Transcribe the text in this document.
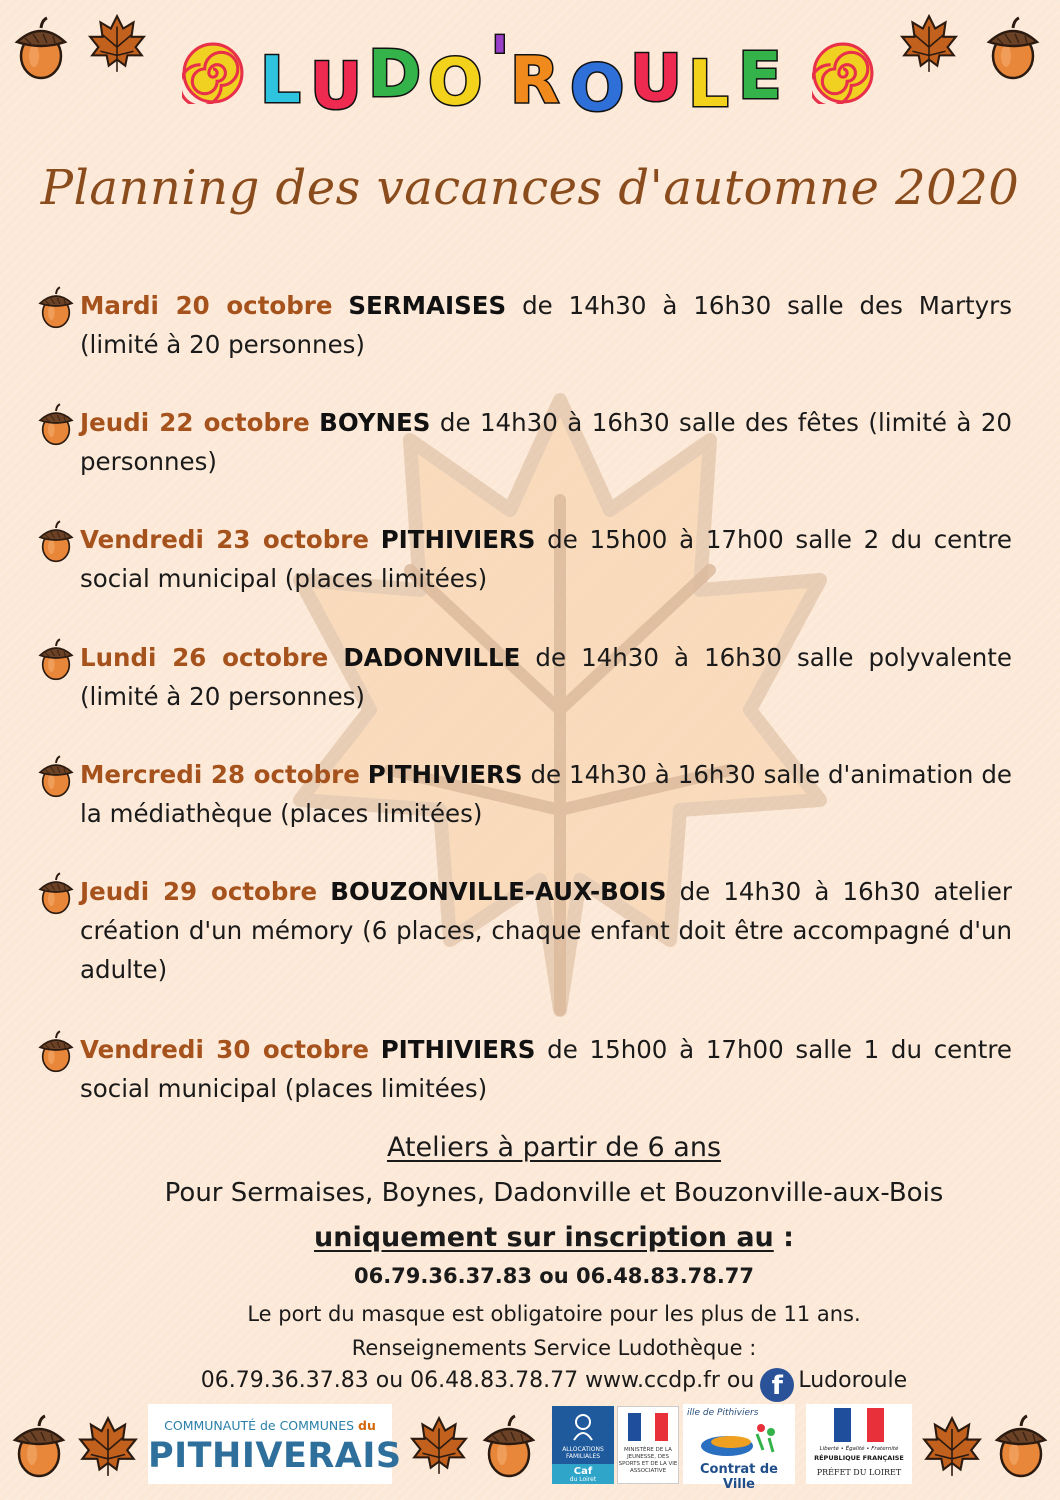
L U D O ' R O U L E
LUDO'ROULE
Planning des vacances d'automne 2020
Mardi 20 octobre SERMAISES de 14h30 à 16h30 salle des Martyrs (limité à 20 personnes)
Jeudi 22 octobre BOYNES de 14h30 à 16h30 salle des fêtes (limité à 20 personnes)
Vendredi 23 octobre PITHIVIERS de 15h00 à 17h00 salle 2 du centre social municipal (places limitées)
Lundi 26 octobre DADONVILLE de 14h30 à 16h30 salle polyvalente (limité à 20 personnes)
Mercredi 28 octobre PITHIVIERS de 14h30 à 16h30 salle d'animation de la médiathèque (places limitées)
Jeudi 29 octobre BOUZONVILLE-AUX-BOIS de 14h30 à 16h30 atelier création d'un mémory (6 places, chaque enfant doit être accompagné d'un adulte)
Vendredi 30 octobre PITHIVIERS de 15h00 à 17h00 salle 1 du centre social municipal (places limitées)
Ateliers à partir de 6 ans
Pour Sermaises, Boynes, Dadonville et Bouzonville-aux-Bois
uniquement sur inscription au :
06.79.36.37.83 ou 06.48.83.78.77
Le port du masque est obligatoire pour les plus de 11 ans.
Renseignements Service Ludothèque :
06.79.36.37.83 ou 06.48.83.78.77 www.ccdp.fr ou f Ludoroule
COMMUNAUTÉ de COMMUNES du
PITHIVERAIS	ALLOCATIONS FAMILIALES
Caf
du Loiret
MINISTÈRE DE LA JEUNESSE, DES SPORTS ET DE LA VIE ASSOCIATIVE
ille de Pithiviers
Contrat de Ville
Liberté • Égalité • Fraternité
RÉPUBLIQUE FRANÇAISE
PRÉFET DU LOIRET
